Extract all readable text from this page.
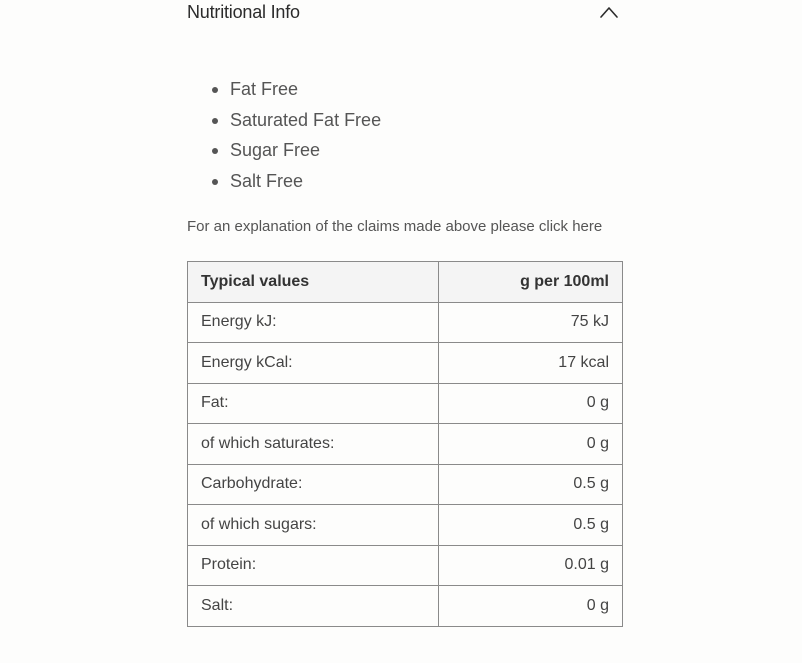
Nutritional Info
Fat Free
Saturated Fat Free
Sugar Free
Salt Free
For an explanation of the claims made above please click here
Typical values	g per 100ml
Energy kJ:	75 kJ
Energy kCal:	17 kcal
Fat:	0 g
of which saturates:	0 g
Carbohydrate:	0.5 g
of which sugars:	0.5 g
Protein:	0.01 g
Salt:	0 g
